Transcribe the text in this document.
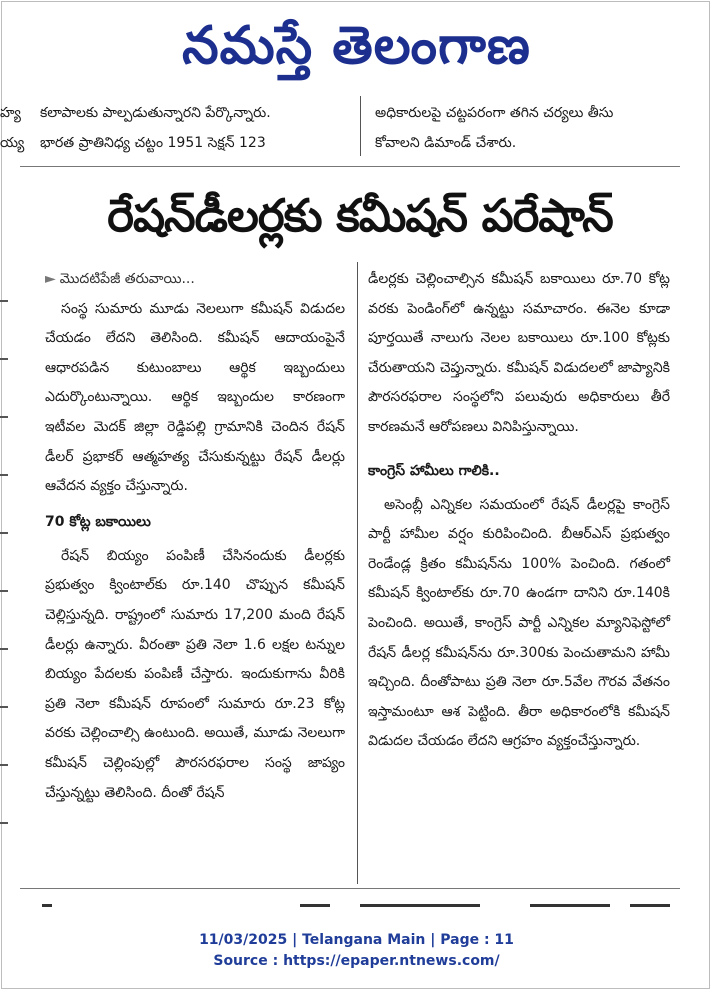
నమస్తే తెలంగాణ
హ్య
య్య
కలాపాలకు పాల్పడుతున్నారని పేర్కొన్నారు.
భారత ప్రాతినిధ్య చట్టం 1951 సెక్షన్ 123
అధికారులపై చట్టపరంగా తగిన చర్యలు తీసు
కోవాలని డిమాండ్ చేశారు.
రేషన్‌డీలర్లకు కమీషన్ పరేషాన్
► మొదటిపేజీ తరువాయి...

సంస్థ సుమారు మూడు నెలలుగా కమీషన్ విడుదల చేయడం లేదని తెలిసింది. కమీషన్ ఆదాయంపైనే ఆధారపడిన కుటుంబాలు ఆర్థిక ఇబ్బందులు ఎదుర్కొంటున్నాయి. ఆర్థిక ఇబ్బందుల కారణంగా ఇటీవల మెదక్ జిల్లా రెడ్డిపల్లి గ్రామానికి చెందిన రేషన్ డీలర్ ప్రభాకర్ ఆత్మహత్య చేసుకున్నట్టు రేషన్ డీలర్లు ఆవేదన వ్యక్తం చేస్తున్నారు.

70 కోట్ల బకాయిలు

రేషన్ బియ్యం పంపిణీ చేసినందుకు డీలర్లకు ప్రభుత్వం క్వింటాల్‌కు రూ.140 చొప్పున కమీషన్ చెల్లిస్తున్నది. రాష్ట్రంలో సుమారు 17,200 మంది రేషన్ డీలర్లు ఉన్నారు. వీరంతా ప్రతి నెలా 1.6 లక్షల టన్నుల బియ్యం పేదలకు పంపిణీ చేస్తారు. ఇందుకుగాను వీరికి ప్రతి నెలా కమీషన్ రూపంలో సుమారు రూ.23 కోట్ల వరకు చెల్లించాల్సి ఉంటుంది. అయితే, మూడు నెలలుగా కమీషన్ చెల్లింపుల్లో పౌరసరఫరాల సంస్థ జాప్యం చేస్తున్నట్టు తెలిసింది. దీంతో రేషన్

డీలర్లకు చెల్లించాల్సిన కమీషన్ బకాయిలు రూ.70 కోట్ల వరకు పెండింగ్‌లో ఉన్నట్టు సమాచారం. ఈనెల కూడా పూర్తయితే నాలుగు నెలల బకాయిలు రూ.100 కోట్లకు చేరుతాయని చెప్తున్నారు. కమీషన్ విడుదలలో జాప్యానికి పౌరసరఫరాల సంస్థలోని పలువురు అధికారులు తీరే కారణమనే ఆరోపణలు వినిపిస్తున్నాయి.

కాంగ్రెస్ హామీలు గాలికి..

అసెంబ్లీ ఎన్నికల సమయంలో రేషన్ డీలర్లపై కాంగ్రెస్ పార్టీ హామీల వర్షం కురిపించింది. బీఆర్‌ఎస్ ప్రభుత్వం రెండేండ్ల క్రితం కమీషన్‌ను 100% పెంచింది. గతంలో కమీషన్ క్వింటాల్‌కు రూ.70 ఉండగా దానిని రూ.140కి పెంచింది. అయితే, కాంగ్రెస్ పార్టీ ఎన్నికల మ్యానిఫెస్టోలో రేషన్ డీలర్ల కమీషన్‌ను రూ.300కు పెంచుతామని హామీ ఇచ్చింది. దీంతోపాటు ప్రతి నెలా రూ.5వేల గౌరవ వేతనం ఇస్తామంటూ ఆశ పెట్టింది. తీరా అధికారంలోకి కమీషన్ విడుదల చేయడం లేదని ఆగ్రహం వ్యక్తంచేస్తున్నారు.

11/03/2025 | Telangana Main | Page : 11
Source : https://epaper.ntnews.com/
